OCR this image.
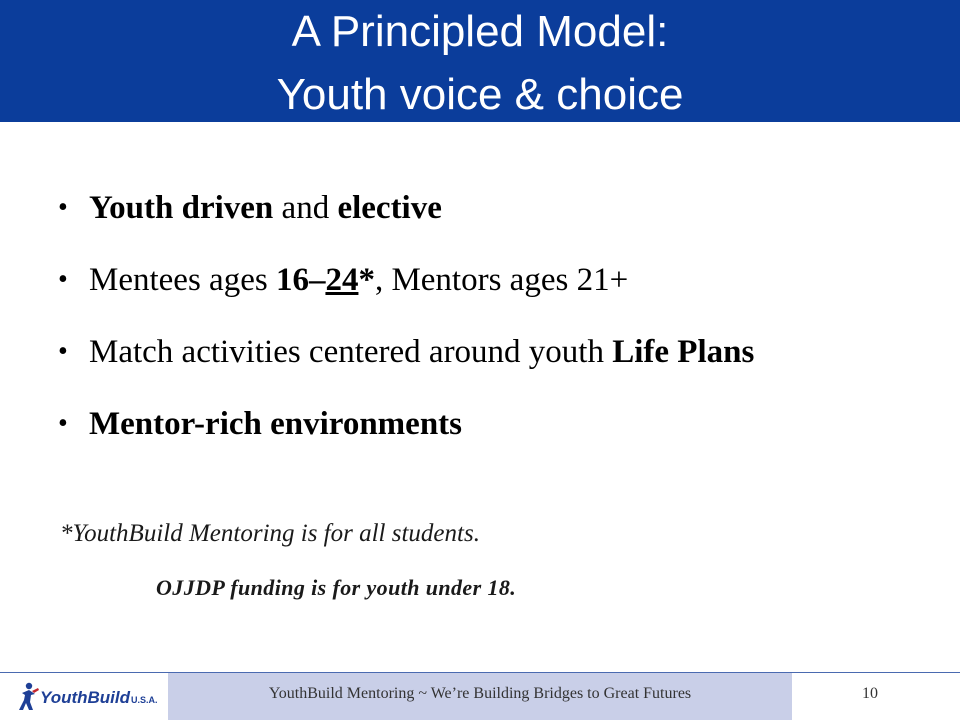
A Principled Model:
Youth voice & choice
• Youth driven and elective
• Mentees ages 16–24*, Mentors ages 21+
• Match activities centered around youth Life Plans
• Mentor-rich environments
*YouthBuild Mentoring is for all students.
OJJDP funding is for youth under 18.
YouthBuild U.S.A.	YouthBuild Mentoring ~ We’re Building Bridges to Great Futures	10
